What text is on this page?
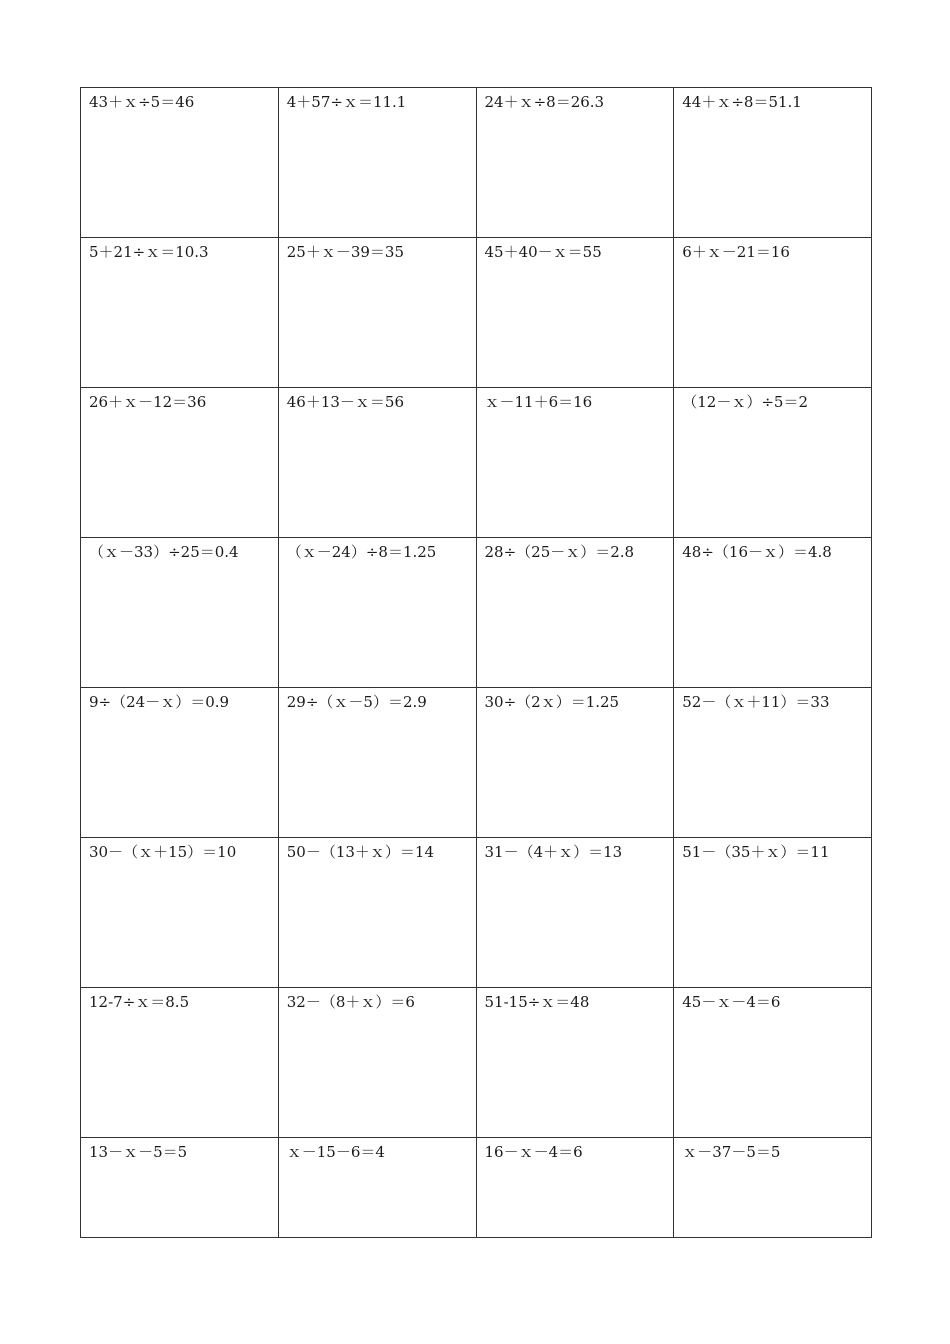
43＋ｘ÷5＝46	4＋57÷ｘ＝11.1	24＋ｘ÷8＝26.3	44＋ｘ÷8＝51.1

5＋21÷ｘ＝10.3	25＋ｘ－39＝35	45＋40－ｘ＝55	6＋ｘ－21＝16

26＋ｘ－12＝36	46＋13－ｘ＝56	ｘ－11＋6＝16	（12－ｘ）÷5＝2

（ｘ－33）÷25＝0.4	（ｘ－24）÷8＝1.25	28÷（25－ｘ）＝2.8	48÷（16－ｘ）＝4.8

9÷（24－ｘ）＝0.9	29÷（ｘ－5）＝2.9	30÷（2ｘ）＝1.25	52－（ｘ＋11）＝33

30－（ｘ＋15）＝10	50－（13＋ｘ）＝14	31－（4＋ｘ）＝13	51－（35＋ｘ）＝11

12-7÷ｘ＝8.5	32－（8＋ｘ）＝6	51-15÷ｘ＝48	45－ｘ－4＝6

13－ｘ－5＝5	ｘ－15－6＝4	16－ｘ－4＝6	ｘ－37－5＝5
